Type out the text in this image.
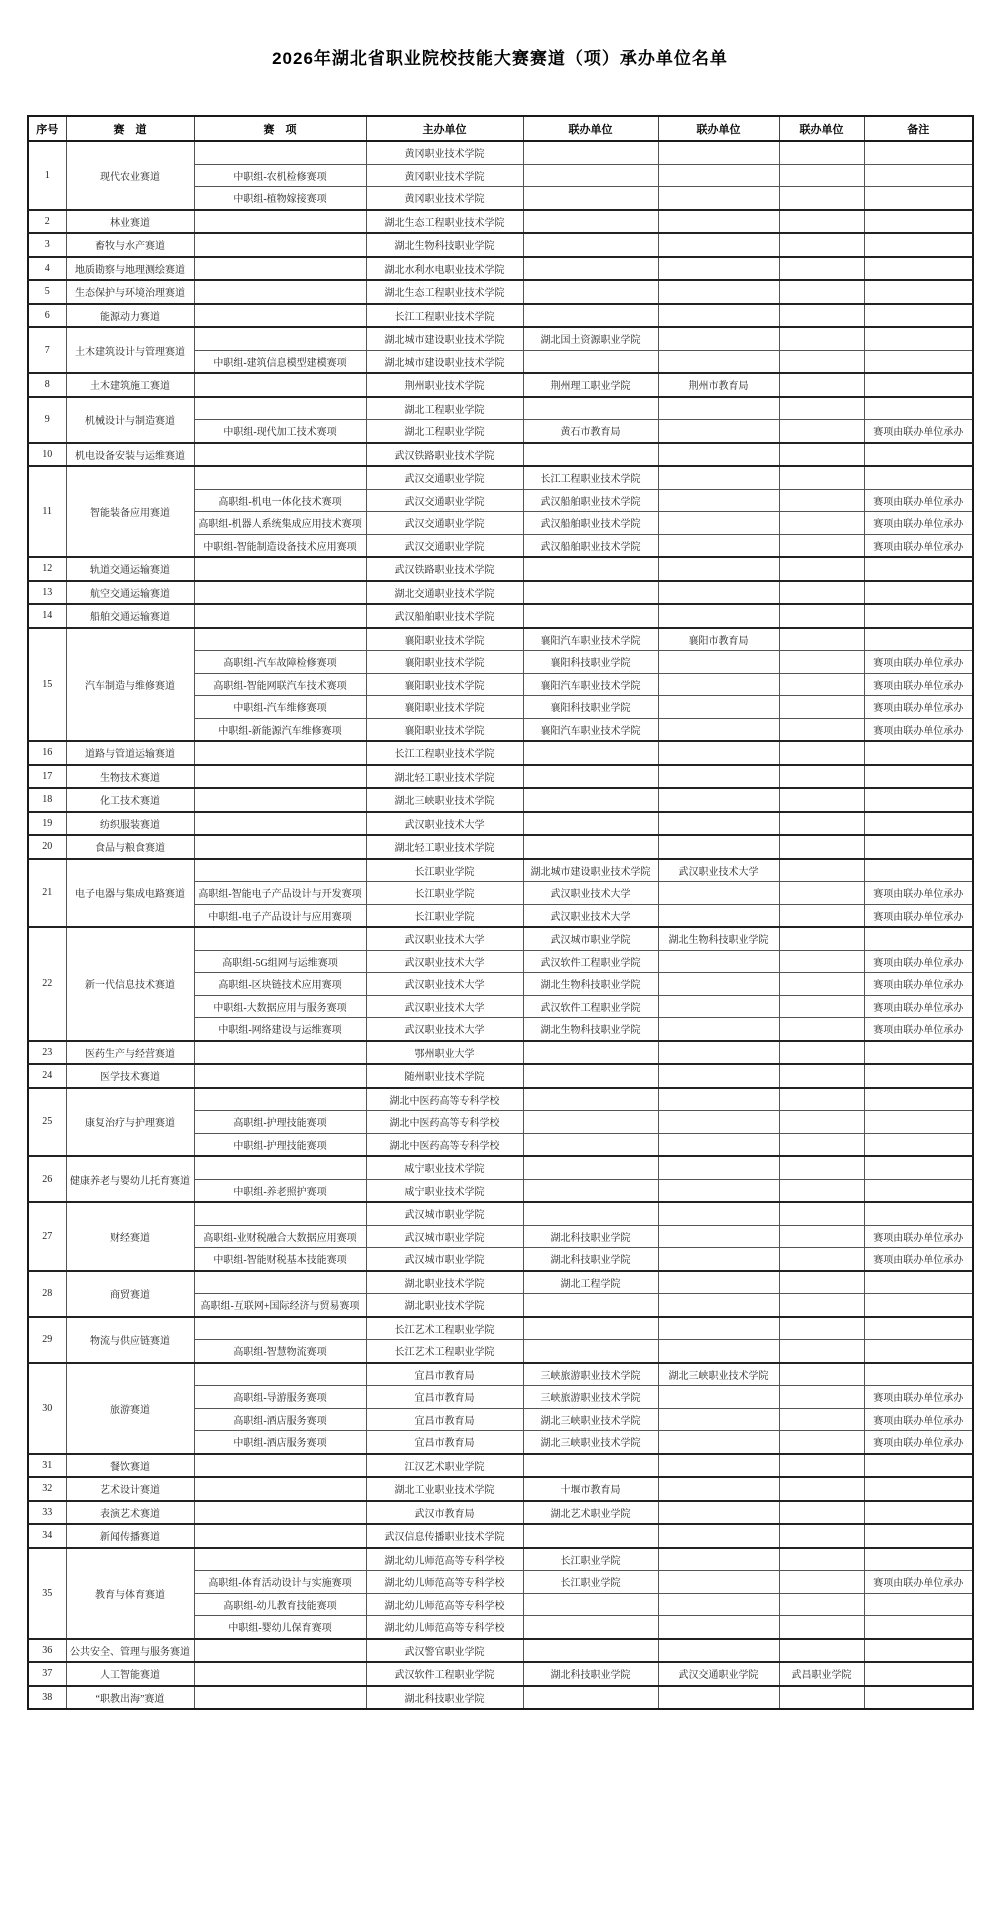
2026年湖北省职业院校技能大赛赛道（项）承办单位名单
序号	赛　道	赛　项	主办单位	联办单位	联办单位	联办单位	备注
1	现代农业赛道		黄冈职业技术学院				
		中职组-农机检修赛项	黄冈职业技术学院				
		中职组-植物嫁接赛项	黄冈职业技术学院				
2	林业赛道		湖北生态工程职业技术学院				
3	畜牧与水产赛道		湖北生物科技职业学院				
4	地质勘察与地理测绘赛道		湖北水利水电职业技术学院				
5	生态保护与环境治理赛道		湖北生态工程职业技术学院				
6	能源动力赛道		长江工程职业技术学院				
7	土木建筑设计与管理赛道		湖北城市建设职业技术学院	湖北国土资源职业学院			
		中职组-建筑信息模型建模赛项	湖北城市建设职业技术学院				
8	土木建筑施工赛道		荆州职业技术学院	荆州理工职业学院	荆州市教育局		
9	机械设计与制造赛道		湖北工程职业学院				
		中职组-现代加工技术赛项	湖北工程职业学院	黄石市教育局			赛项由联办单位承办
10	机电设备安装与运维赛道		武汉铁路职业技术学院				
11	智能装备应用赛道		武汉交通职业学院	长江工程职业技术学院			
		高职组-机电一体化技术赛项	武汉交通职业学院	武汉船舶职业技术学院			赛项由联办单位承办
		高职组-机器人系统集成应用技术赛项	武汉交通职业学院	武汉船舶职业技术学院			赛项由联办单位承办
		中职组-智能制造设备技术应用赛项	武汉交通职业学院	武汉船舶职业技术学院			赛项由联办单位承办
12	轨道交通运输赛道		武汉铁路职业技术学院				
13	航空交通运输赛道		湖北交通职业技术学院				
14	船舶交通运输赛道		武汉船舶职业技术学院				
15	汽车制造与维修赛道		襄阳职业技术学院	襄阳汽车职业技术学院	襄阳市教育局		
		高职组-汽车故障检修赛项	襄阳职业技术学院	襄阳科技职业学院			赛项由联办单位承办
		高职组-智能网联汽车技术赛项	襄阳职业技术学院	襄阳汽车职业技术学院			赛项由联办单位承办
		中职组-汽车维修赛项	襄阳职业技术学院	襄阳科技职业学院			赛项由联办单位承办
		中职组-新能源汽车维修赛项	襄阳职业技术学院	襄阳汽车职业技术学院			赛项由联办单位承办
16	道路与管道运输赛道		长江工程职业技术学院				
17	生物技术赛道		湖北轻工职业技术学院				
18	化工技术赛道		湖北三峡职业技术学院				
19	纺织服装赛道		武汉职业技术大学				
20	食品与粮食赛道		湖北轻工职业技术学院				
21	电子电器与集成电路赛道		长江职业学院	湖北城市建设职业技术学院	武汉职业技术大学		
		高职组-智能电子产品设计与开发赛项	长江职业学院	武汉职业技术大学			赛项由联办单位承办
		中职组-电子产品设计与应用赛项	长江职业学院	武汉职业技术大学			赛项由联办单位承办
22	新一代信息技术赛道		武汉职业技术大学	武汉城市职业学院	湖北生物科技职业学院		
		高职组-5G组网与运维赛项	武汉职业技术大学	武汉软件工程职业学院			赛项由联办单位承办
		高职组-区块链技术应用赛项	武汉职业技术大学	湖北生物科技职业学院			赛项由联办单位承办
		中职组-大数据应用与服务赛项	武汉职业技术大学	武汉软件工程职业学院			赛项由联办单位承办
		中职组-网络建设与运维赛项	武汉职业技术大学	湖北生物科技职业学院			赛项由联办单位承办
23	医药生产与经营赛道		鄂州职业大学				
24	医学技术赛道		随州职业技术学院				
25	康复治疗与护理赛道		湖北中医药高等专科学校				
		高职组-护理技能赛项	湖北中医药高等专科学校				
		中职组-护理技能赛项	湖北中医药高等专科学校				
26	健康养老与婴幼儿托育赛道		咸宁职业技术学院				
		中职组-养老照护赛项	咸宁职业技术学院				
27	财经赛道		武汉城市职业学院				
		高职组-业财税融合大数据应用赛项	武汉城市职业学院	湖北科技职业学院			赛项由联办单位承办
		中职组-智能财税基本技能赛项	武汉城市职业学院	湖北科技职业学院			赛项由联办单位承办
28	商贸赛道		湖北职业技术学院	湖北工程学院			
		高职组-互联网+国际经济与贸易赛项	湖北职业技术学院				
29	物流与供应链赛道		长江艺术工程职业学院				
		高职组-智慧物流赛项	长江艺术工程职业学院				
30	旅游赛道		宜昌市教育局	三峡旅游职业技术学院	湖北三峡职业技术学院		
		高职组-导游服务赛项	宜昌市教育局	三峡旅游职业技术学院			赛项由联办单位承办
		高职组-酒店服务赛项	宜昌市教育局	湖北三峡职业技术学院			赛项由联办单位承办
		中职组-酒店服务赛项	宜昌市教育局	湖北三峡职业技术学院			赛项由联办单位承办
31	餐饮赛道		江汉艺术职业学院				
32	艺术设计赛道		湖北工业职业技术学院	十堰市教育局			
33	表演艺术赛道		武汉市教育局	湖北艺术职业学院			
34	新闻传播赛道		武汉信息传播职业技术学院				
35	教育与体育赛道		湖北幼儿师范高等专科学校	长江职业学院			
		高职组-体育活动设计与实施赛项	湖北幼儿师范高等专科学校	长江职业学院			赛项由联办单位承办
		高职组-幼儿教育技能赛项	湖北幼儿师范高等专科学校				
		中职组-婴幼儿保育赛项	湖北幼儿师范高等专科学校				
36	公共安全、管理与服务赛道		武汉警官职业学院				
37	人工智能赛道		武汉软件工程职业学院	湖北科技职业学院	武汉交通职业学院	武昌职业学院	
38	“职教出海”赛道		湖北科技职业学院				
